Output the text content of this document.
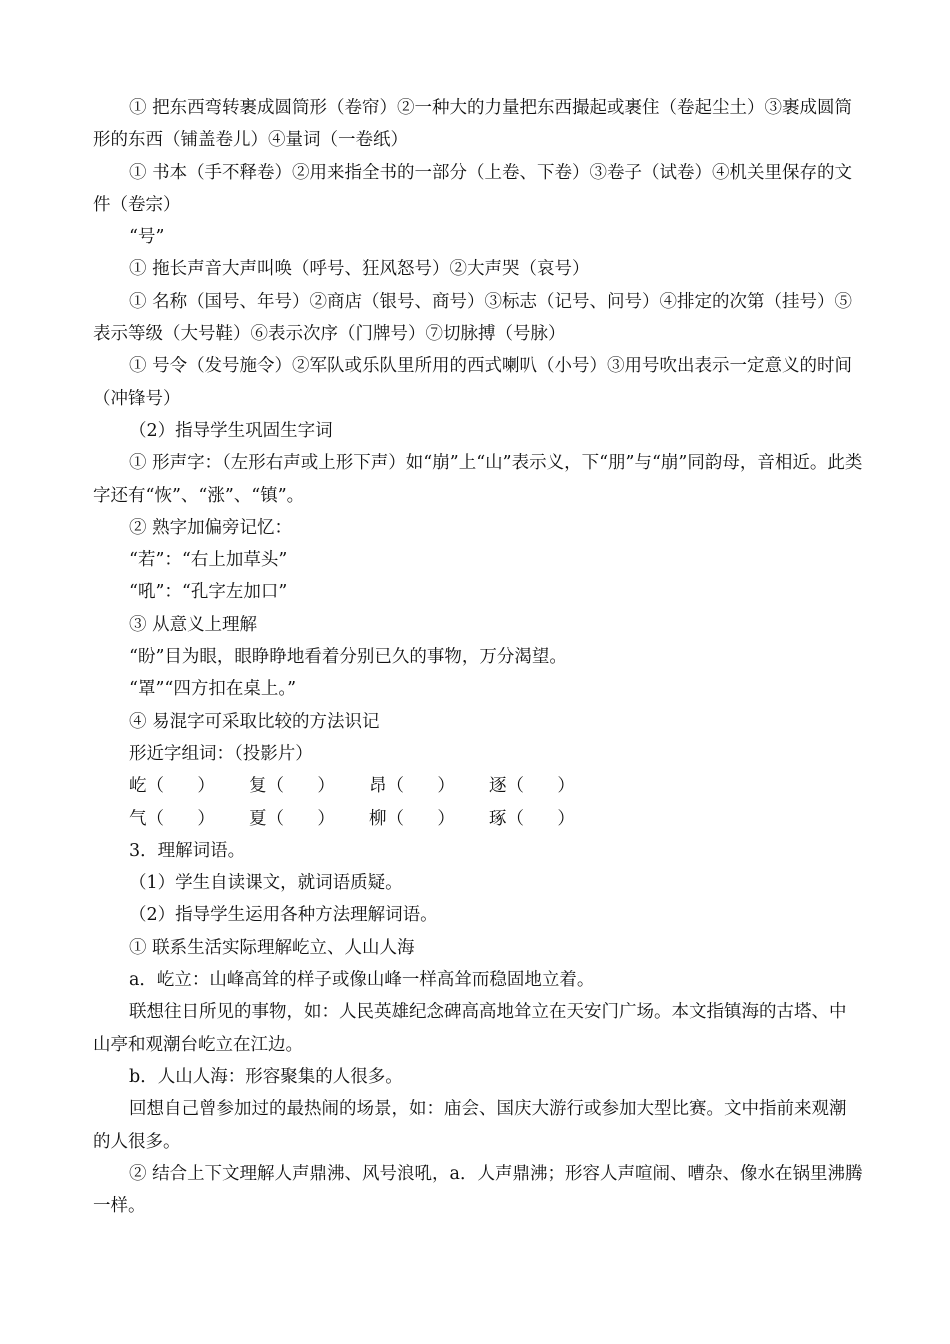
① 把东西弯转裹成圆筒形（卷帘）②一种大的力量把东西撮起或裹住（卷起尘土）③裹成圆筒形的东西（铺盖卷儿）④量词（一卷纸）

① 书本（手不释卷）②用来指全书的一部分（上卷、下卷）③卷子（试卷）④机关里保存的文件（卷宗）

“号”

① 拖长声音大声叫唤（呼号、狂风怒号）②大声哭（哀号）

① 名称（国号、年号）②商店（银号、商号）③标志（记号、问号）④排定的次第（挂号）⑤表示等级（大号鞋）⑥表示次序（门牌号）⑦切脉搏（号脉）

① 号令（发号施令）②军队或乐队里所用的西式喇叭（小号）③用号吹出表示一定意义的时间（冲锋号）

（2）指导学生巩固生字词

① 形声字：（左形右声或上形下声）如“崩”上“山”表示义，下“朋”与“崩”同韵母，音相近。此类字还有“恢”、“涨”、“镇”。

② 熟字加偏旁记忆：

“若”：“右上加草头”

“吼”：“孔字左加口”

③ 从意义上理解

“盼”目为眼，眼睁睁地看着分别已久的事物，万分渴望。

“罩”“四方扣在桌上。”

④ 易混字可采取比较的方法识记

形近字组词：（投影片）

屹（      ）	复（      ）	昂（      ）	逐（      ）
气（      ）	夏（      ）	柳（      ）	琢（      ）

3．理解词语。

（1）学生自读课文，就词语质疑。

（2）指导学生运用各种方法理解词语。

① 联系生活实际理解屹立、人山人海

a．屹立：山峰高耸的样子或像山峰一样高耸而稳固地立着。

联想往日所见的事物，如：人民英雄纪念碑高高地耸立在天安门广场。本文指镇海的古塔、中山亭和观潮台屹立在江边。

b．人山人海：形容聚集的人很多。

回想自己曾参加过的最热闹的场景，如：庙会、国庆大游行或参加大型比赛。文中指前来观潮的人很多。

② 结合上下文理解人声鼎沸、风号浪吼，a．人声鼎沸；形容人声喧闹、嘈杂、像水在锅里沸腾一样。
